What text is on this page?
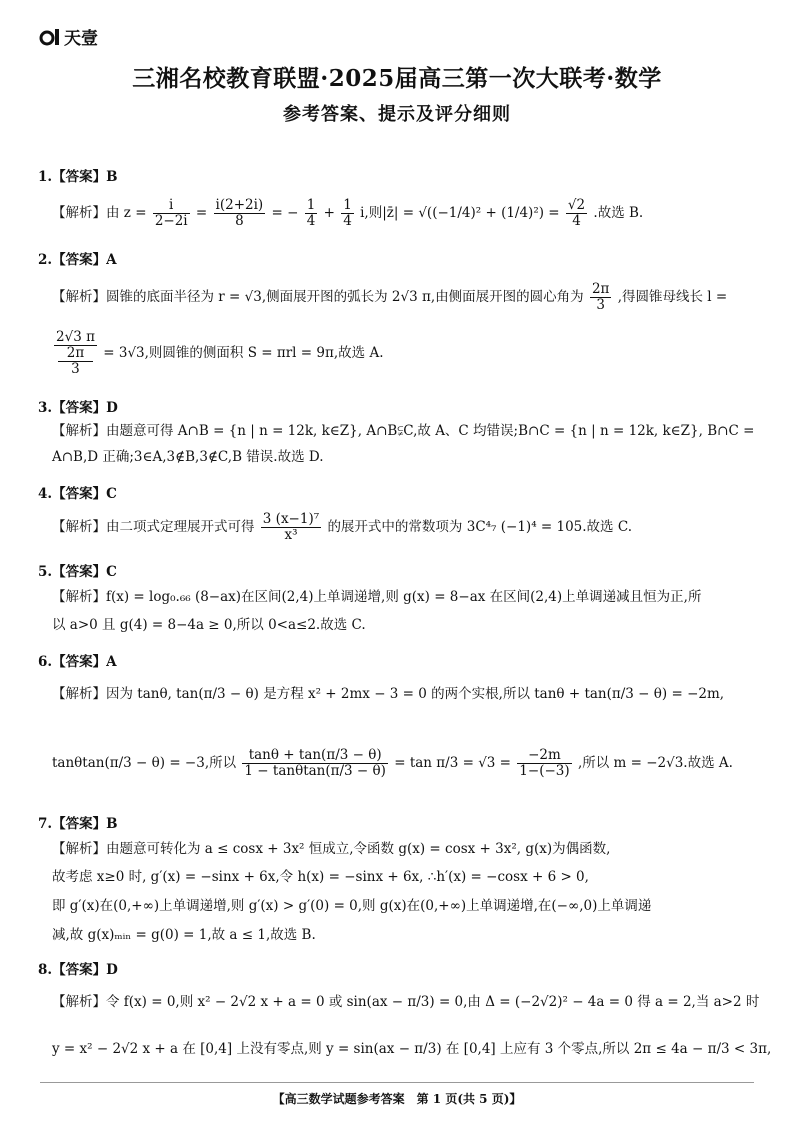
天壹
三湘名校教育联盟·2025届高三第一次大联考·数学
参考答案、提示及评分细则
1.【答案】B
【解析】由 $z = \frac{i}{2-2i} = \frac{i(2+2i)}{8}$ = − $\frac{1}{4} + \frac{1}{4} i$,则|z̄| = $√((-1/4)^2 + (1/4)^2) = \frac{√2}{4}$ .故选 B.
2.【答案】A
【解析】圆锥的底面半径为 r = √3,侧面展开图的弧长为 2√3 π,由侧面展开图的圆心角为 $\frac{2\pi}{3}$ ,得圆锥母线长 l =
2√3 π
2π
3 = 3√3,则圆锥的侧面积 S = πrl = 9π,故选 A.
3.【答案】D
【解析】由题意可得 A∩B = {n | n = 12k, k∈Z}, A∩B⫋C,故 A、C 均错误;B∩C = {n | n = 12k, k∈Z}, B∩C =
A∩B,D 正确;3∈A,3∉B,3∉C,B 错误.故选 D.
4.【答案】C
【解析】由二项式定理展开式可得 $\frac{\text{3 (x−1)⁷}}{\text{x³}}$ 的展开式中的常数项为 3C⁴₇ (−1)⁴ = 105.故选 C.
5.【答案】C
【解析】f(x) = log₀.₆₆ (8−ax)在区间(2,4)上单调递增,则 g(x) = 8−ax 在区间(2,4)上单调递减且恒为正,所
以 a>0 且 g(4) = 8−4a ≥ 0,所以 0<a≤2.故选 C.
6.【答案】A
【解析】因为 tanθ, tan(π/3 − θ) 是方程 x² + 2mx − 3 = 0 的两个实根,所以 tanθ + tan(π/3 − θ) = −2m,
tanθtan(π/3 − θ) = −3,所以 $\frac{\tan\theta + \tan(\pi/3 - \theta)}{1 - \tan\theta\tan(\pi/3 - \theta)} = \tan \pi/3 = √3 = \frac{-2m}{1-(-3)}$ ,所以 m = −2√3.故选 A.
7.【答案】B
【解析】由题意可转化为 a ≤ cosx + 3x² 恒成立,令函数 g(x) = cosx + 3x², g(x)为偶函数,
故考虑 x≥0 时, g′(x) = −sinx + 6x,令 h(x) = −sinx + 6x, ∴h′(x) = −cosx + 6 > 0,
即 g′(x)在(0,+∞)上单调递增,则 g′(x) > g′(0) = 0,则 g(x)在(0,+∞)上单调递增,在(−∞,0)上单调递
减,故 g(x)ₘᵢₙ = g(0) = 1,故 a ≤ 1,故选 B.
8.【答案】D
【解析】令 f(x) = 0,则 x² − 2√2 x + a = 0 或 sin(ax − π/3) = 0,由 Δ = (−2√2)² − 4a = 0 得 a = 2,当 a>2 时
y = x² − 2√2 x + a 在 [0,4] 上没有零点,则 y = sin(ax − π/3) 在 [0,4] 上应有 3 个零点,所以 2π ≤ 4a − π/3 < 3π,
【高三数学试题参考答案　第 1 页(共 5 页)】
